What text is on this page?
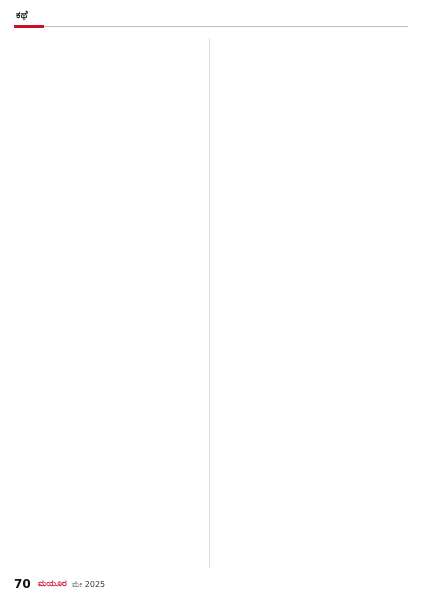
ಕಥೆ
70 ಮಯೂರ ಮೇ 2025
